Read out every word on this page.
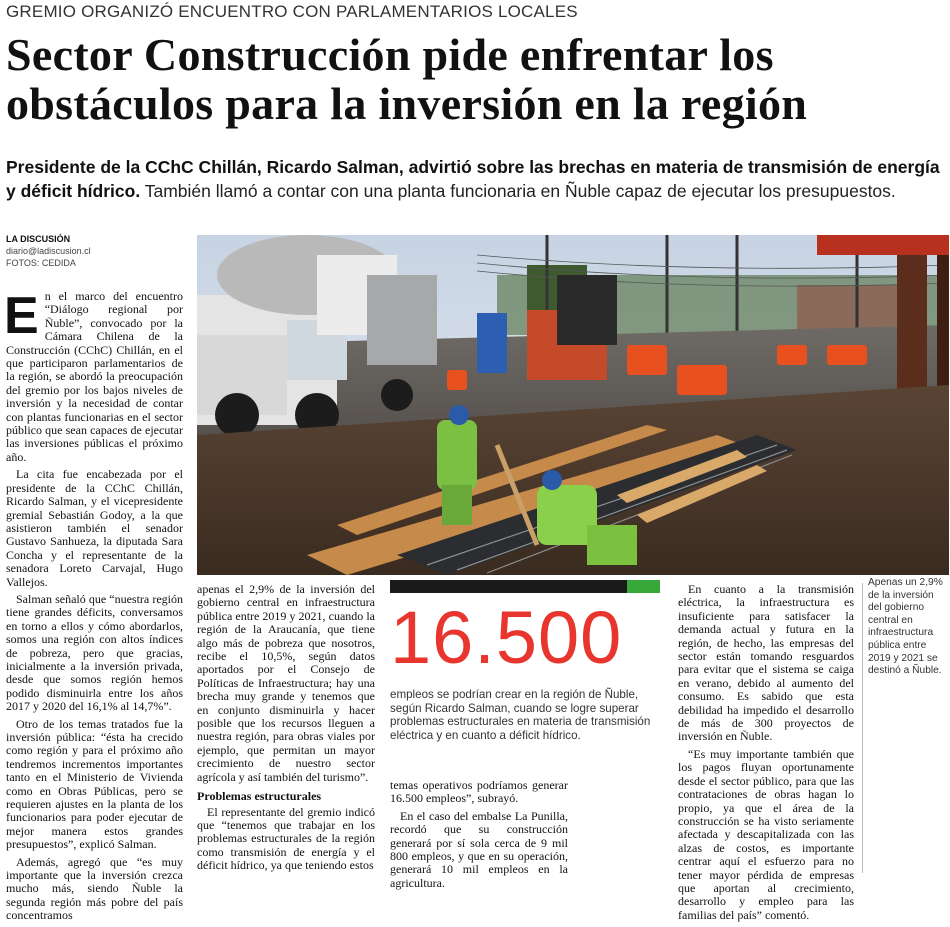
GREMIO ORGANIZÓ ENCUENTRO CON PARLAMENTARIOS LOCALES
Sector Construcción pide enfrentar los obstáculos para la inversión en la región
Presidente de la CChC Chillán, Ricardo Salman, advirtió sobre las brechas en materia de transmisión de energía y déficit hídrico. También llamó a contar con una planta funcionaria en Ñuble capaz de ejecutar los presupuestos.
LA DISCUSIÓN
diario@ladiscusion.cl
FOTOS: CEDIDA

En el marco del encuentro “Diálogo regional por Ñuble”, convocado por la Cámara Chilena de la Construcción (CChC) Chillán, en el que participaron parlamentarios de la región, se abordó la preocupación del gremio por los bajos niveles de inversión y la necesidad de contar con plantas funcionarias en el sector público que sean capaces de ejecutar las inversiones públicas el próximo año.

La cita fue encabezada por el presidente de la CChC Chillán, Ricardo Salman, y el vicepresidente gremial Sebastián Godoy, a la que asistieron también el senador Gustavo Sanhueza, la diputada Sara Concha y el representante de la senadora Loreto Carvajal, Hugo Vallejos.

Salman señaló que “nuestra región tiene grandes déficits, conversamos en torno a ellos y cómo abordarlos, somos una región con altos índices de pobreza, pero que gracias, inicialmente a la inversión privada, desde que somos región hemos podido disminuirla entre los años 2017 y 2020 del 16,1% al 14,7%”.

Otro de los temas tratados fue la inversión pública: “ésta ha crecido como región y para el próximo año tendremos incrementos importantes tanto en el Ministerio de Vivienda como en Obras Públicas, pero se requieren ajustes en la planta de los funcionarios para poder ejecutar de mejor manera estos grandes presupuestos”, explicó Salman.

Además, agregó que “es muy importante que la inversión crezca mucho más, siendo Ñuble la segunda región más pobre del país concentramos

apenas el 2,9% de la inversión del gobierno central en infraestructura pública entre 2019 y 2021, cuando la región de la Araucanía, que tiene algo más de pobreza que nosotros, recibe el 10,5%, según datos aportados por el Consejo de Políticas de Infraestructura; hay una brecha muy grande y tenemos que en conjunto disminuirla y hacer posible que los recursos lleguen a nuestra región, para obras viales por ejemplo, que permitan un mayor crecimiento de nuestro sector agrícola y así también del turismo”.

Problemas estructurales

El representante del gremio indicó que “tenemos que trabajar en los problemas estructurales de la región como transmisión de energía y el déficit hídrico, ya que teniendo estos

16.500
empleos se podrían crear en la región de Ñuble, según Ricardo Salman, cuando se logre superar problemas estructurales en materia de transmisión eléctrica y en cuanto a déficit hídrico.

temas operativos podríamos generar 16.500 empleos”, subrayó.

En el caso del embalse La Punilla, recordó que su construcción generará por sí sola cerca de 9 mil 800 empleos, y que en su operación, generará 10 mil empleos en la agricultura.

En cuanto a la transmisión eléctrica, la infraestructura es insuficiente para satisfacer la demanda actual y futura en la región, de hecho, las empresas del sector están tomando resguardos para evitar que el sistema se caiga en verano, debido al aumento del consumo. Es sabido que esta debilidad ha impedido el desarrollo de más de 300 proyectos de inversión en Ñuble.

“Es muy importante también que los pagos fluyan oportunamente desde el sector público, para que las contrataciones de obras hagan lo propio, ya que el área de la construcción se ha visto seriamente afectada y descapitalizada con las alzas de costos, es importante centrar aquí el esfuerzo para no tener mayor pérdida de empresas que aportan al crecimiento, desarrollo y empleo para las familias del país” comentó.

Apenas un 2,9% de la inversión del gobierno central en infraestructura pública entre 2019 y 2021 se destinó a Ñuble.
